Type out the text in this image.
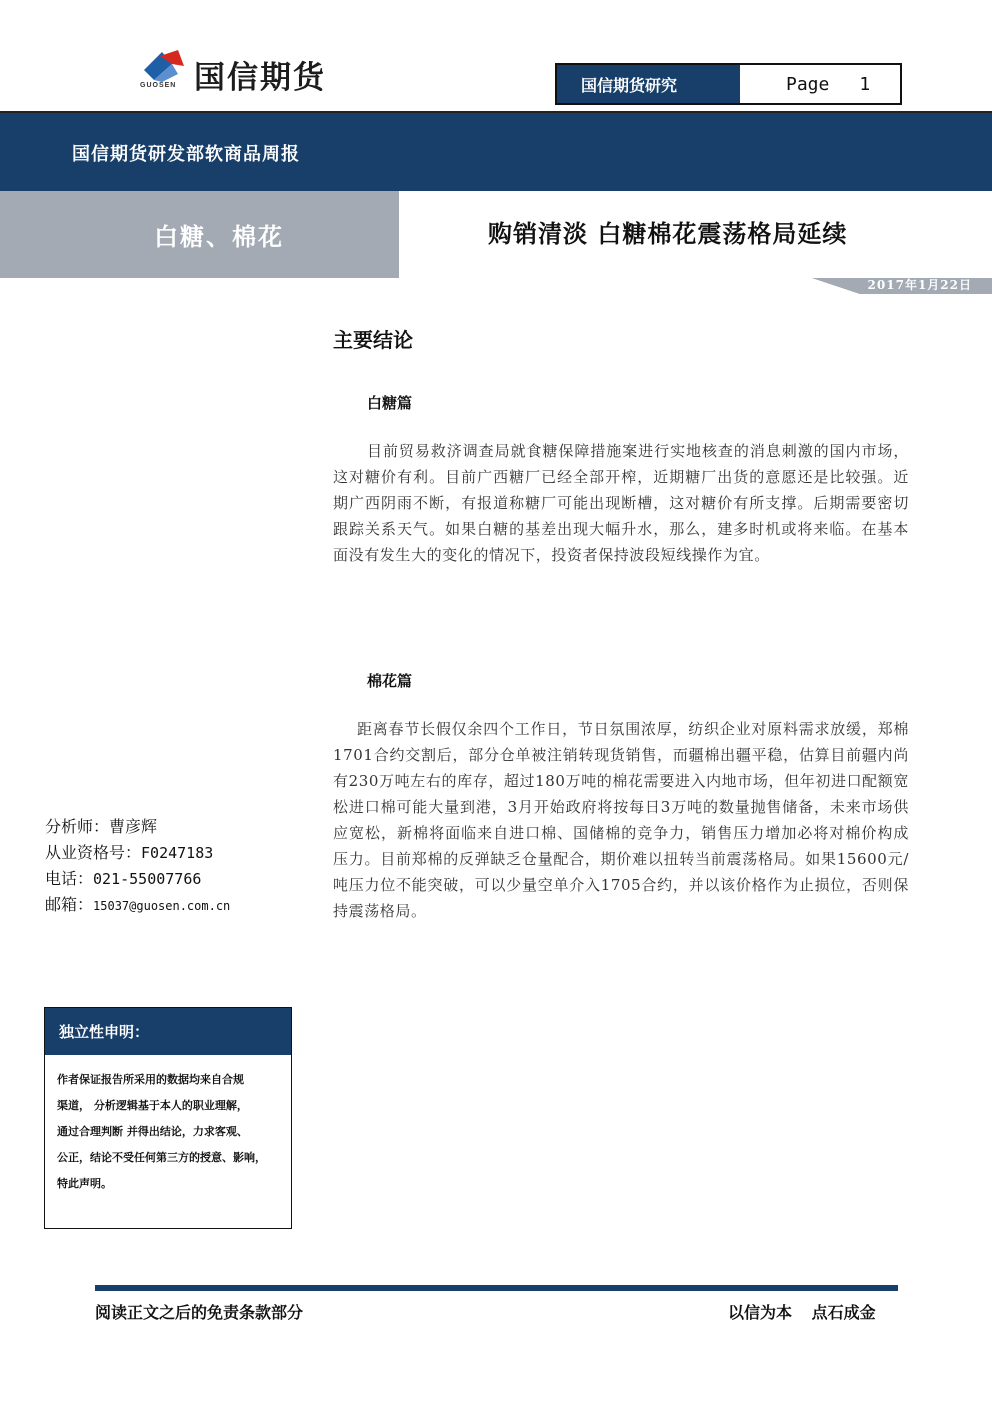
国信期货
GUOSEN	国信期货研究	Page 1
国信期货研发部软商品周报
白糖、棉花	购销清淡 白糖棉花震荡格局延续
2017年1月22日
主要结论
白糖篇
目前贸易救济调查局就食糖保障措施案进行实地核查的消息刺激的国内市场，这对糖价有利。目前广西糖厂已经全部开榨，近期糖厂出货的意愿还是比较强。近期广西阴雨不断，有报道称糖厂可能出现断槽，这对糖价有所支撑。后期需要密切跟踪关系天气。如果白糖的基差出现大幅升水，那么，建多时机或将来临。在基本面没有发生大的变化的情况下，投资者保持波段短线操作为宜。
棉花篇
距离春节长假仅余四个工作日，节日氛围浓厚，纺织企业对原料需求放缓，郑棉1701合约交割后，部分仓单被注销转现货销售，而疆棉出疆平稳，估算目前疆内尚有230万吨左右的库存，超过180万吨的棉花需要进入内地市场，但年初进口配额宽松进口棉可能大量到港，3月开始政府将按每日3万吨的数量抛售储备，未来市场供应宽松，新棉将面临来自进口棉、国储棉的竞争力，销售压力增加必将对棉价构成压力。目前郑棉的反弹缺乏仓量配合，期价难以扭转当前震荡格局。如果15600元/吨压力位不能突破，可以少量空单介入1705合约，并以该价格作为止损位，否则保持震荡格局。
分析师：曹彦辉
从业资格号：F0247183
电话：021-55007766
邮箱：15037@guosen.com.cn
独立性申明：
作者保证报告所采用的数据均来自合规
渠道， 分析逻辑基于本人的职业理解，
通过合理判断 并得出结论，力求客观、
公正，结论不受任何第三方的授意、影响，
特此声明。
阅读正文之后的免责条款部分	以信为本 点石成金
